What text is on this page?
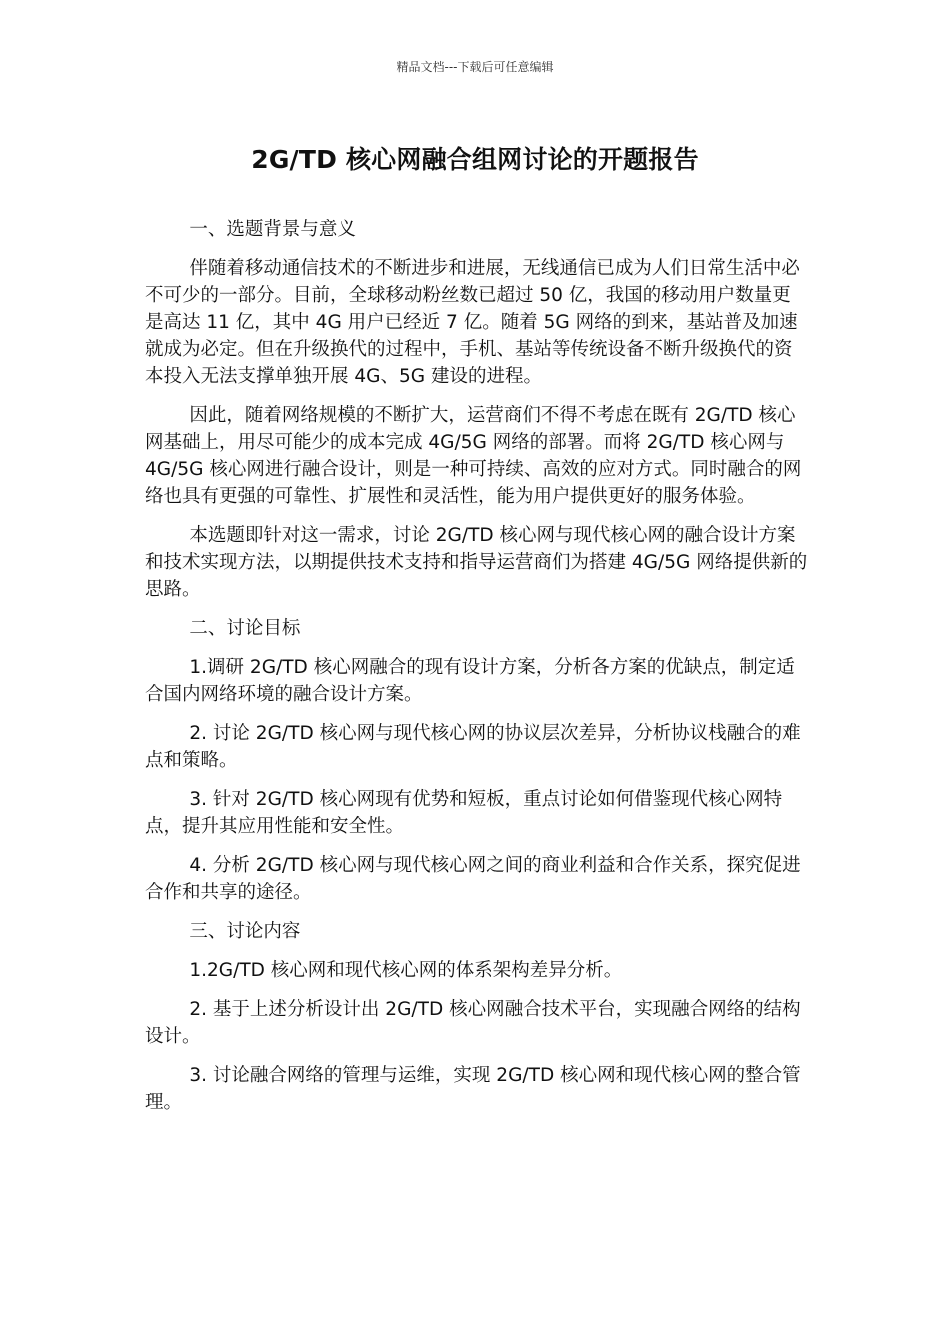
精品文档---下载后可任意编辑
2G/TD 核心网融合组网讨论的开题报告

一、选题背景与意义

伴随着移动通信技术的不断进步和进展，无线通信已成为人们日常生活中必不可少的一部分。目前，全球移动粉丝数已超过 50 亿，我国的移动用户数量更是高达 11 亿，其中 4G 用户已经近 7 亿。随着 5G 网络的到来，基站普及加速就成为必定。但在升级换代的过程中，手机、基站等传统设备不断升级换代的资本投入无法支撑单独开展 4G、5G 建设的进程。

因此，随着网络规模的不断扩大，运营商们不得不考虑在既有 2G/TD 核心网基础上，用尽可能少的成本完成 4G/5G 网络的部署。而将 2G/TD 核心网与 4G/5G 核心网进行融合设计，则是一种可持续、高效的应对方式。同时融合的网络也具有更强的可靠性、扩展性和灵活性，能为用户提供更好的服务体验。

本选题即针对这一需求，讨论 2G/TD 核心网与现代核心网的融合设计方案和技术实现方法，以期提供技术支持和指导运营商们为搭建 4G/5G 网络提供新的思路。

二、讨论目标

1.调研 2G/TD 核心网融合的现有设计方案，分析各方案的优缺点，制定适合国内网络环境的融合设计方案。

2. 讨论 2G/TD 核心网与现代核心网的协议层次差异，分析协议栈融合的难点和策略。

3. 针对 2G/TD 核心网现有优势和短板，重点讨论如何借鉴现代核心网特点，提升其应用性能和安全性。

4. 分析 2G/TD 核心网与现代核心网之间的商业利益和合作关系，探究促进合作和共享的途径。

三、讨论内容

1.2G/TD 核心网和现代核心网的体系架构差异分析。

2. 基于上述分析设计出 2G/TD 核心网融合技术平台，实现融合网络的结构设计。

3. 讨论融合网络的管理与运维，实现 2G/TD 核心网和现代核心网的整合管理。
